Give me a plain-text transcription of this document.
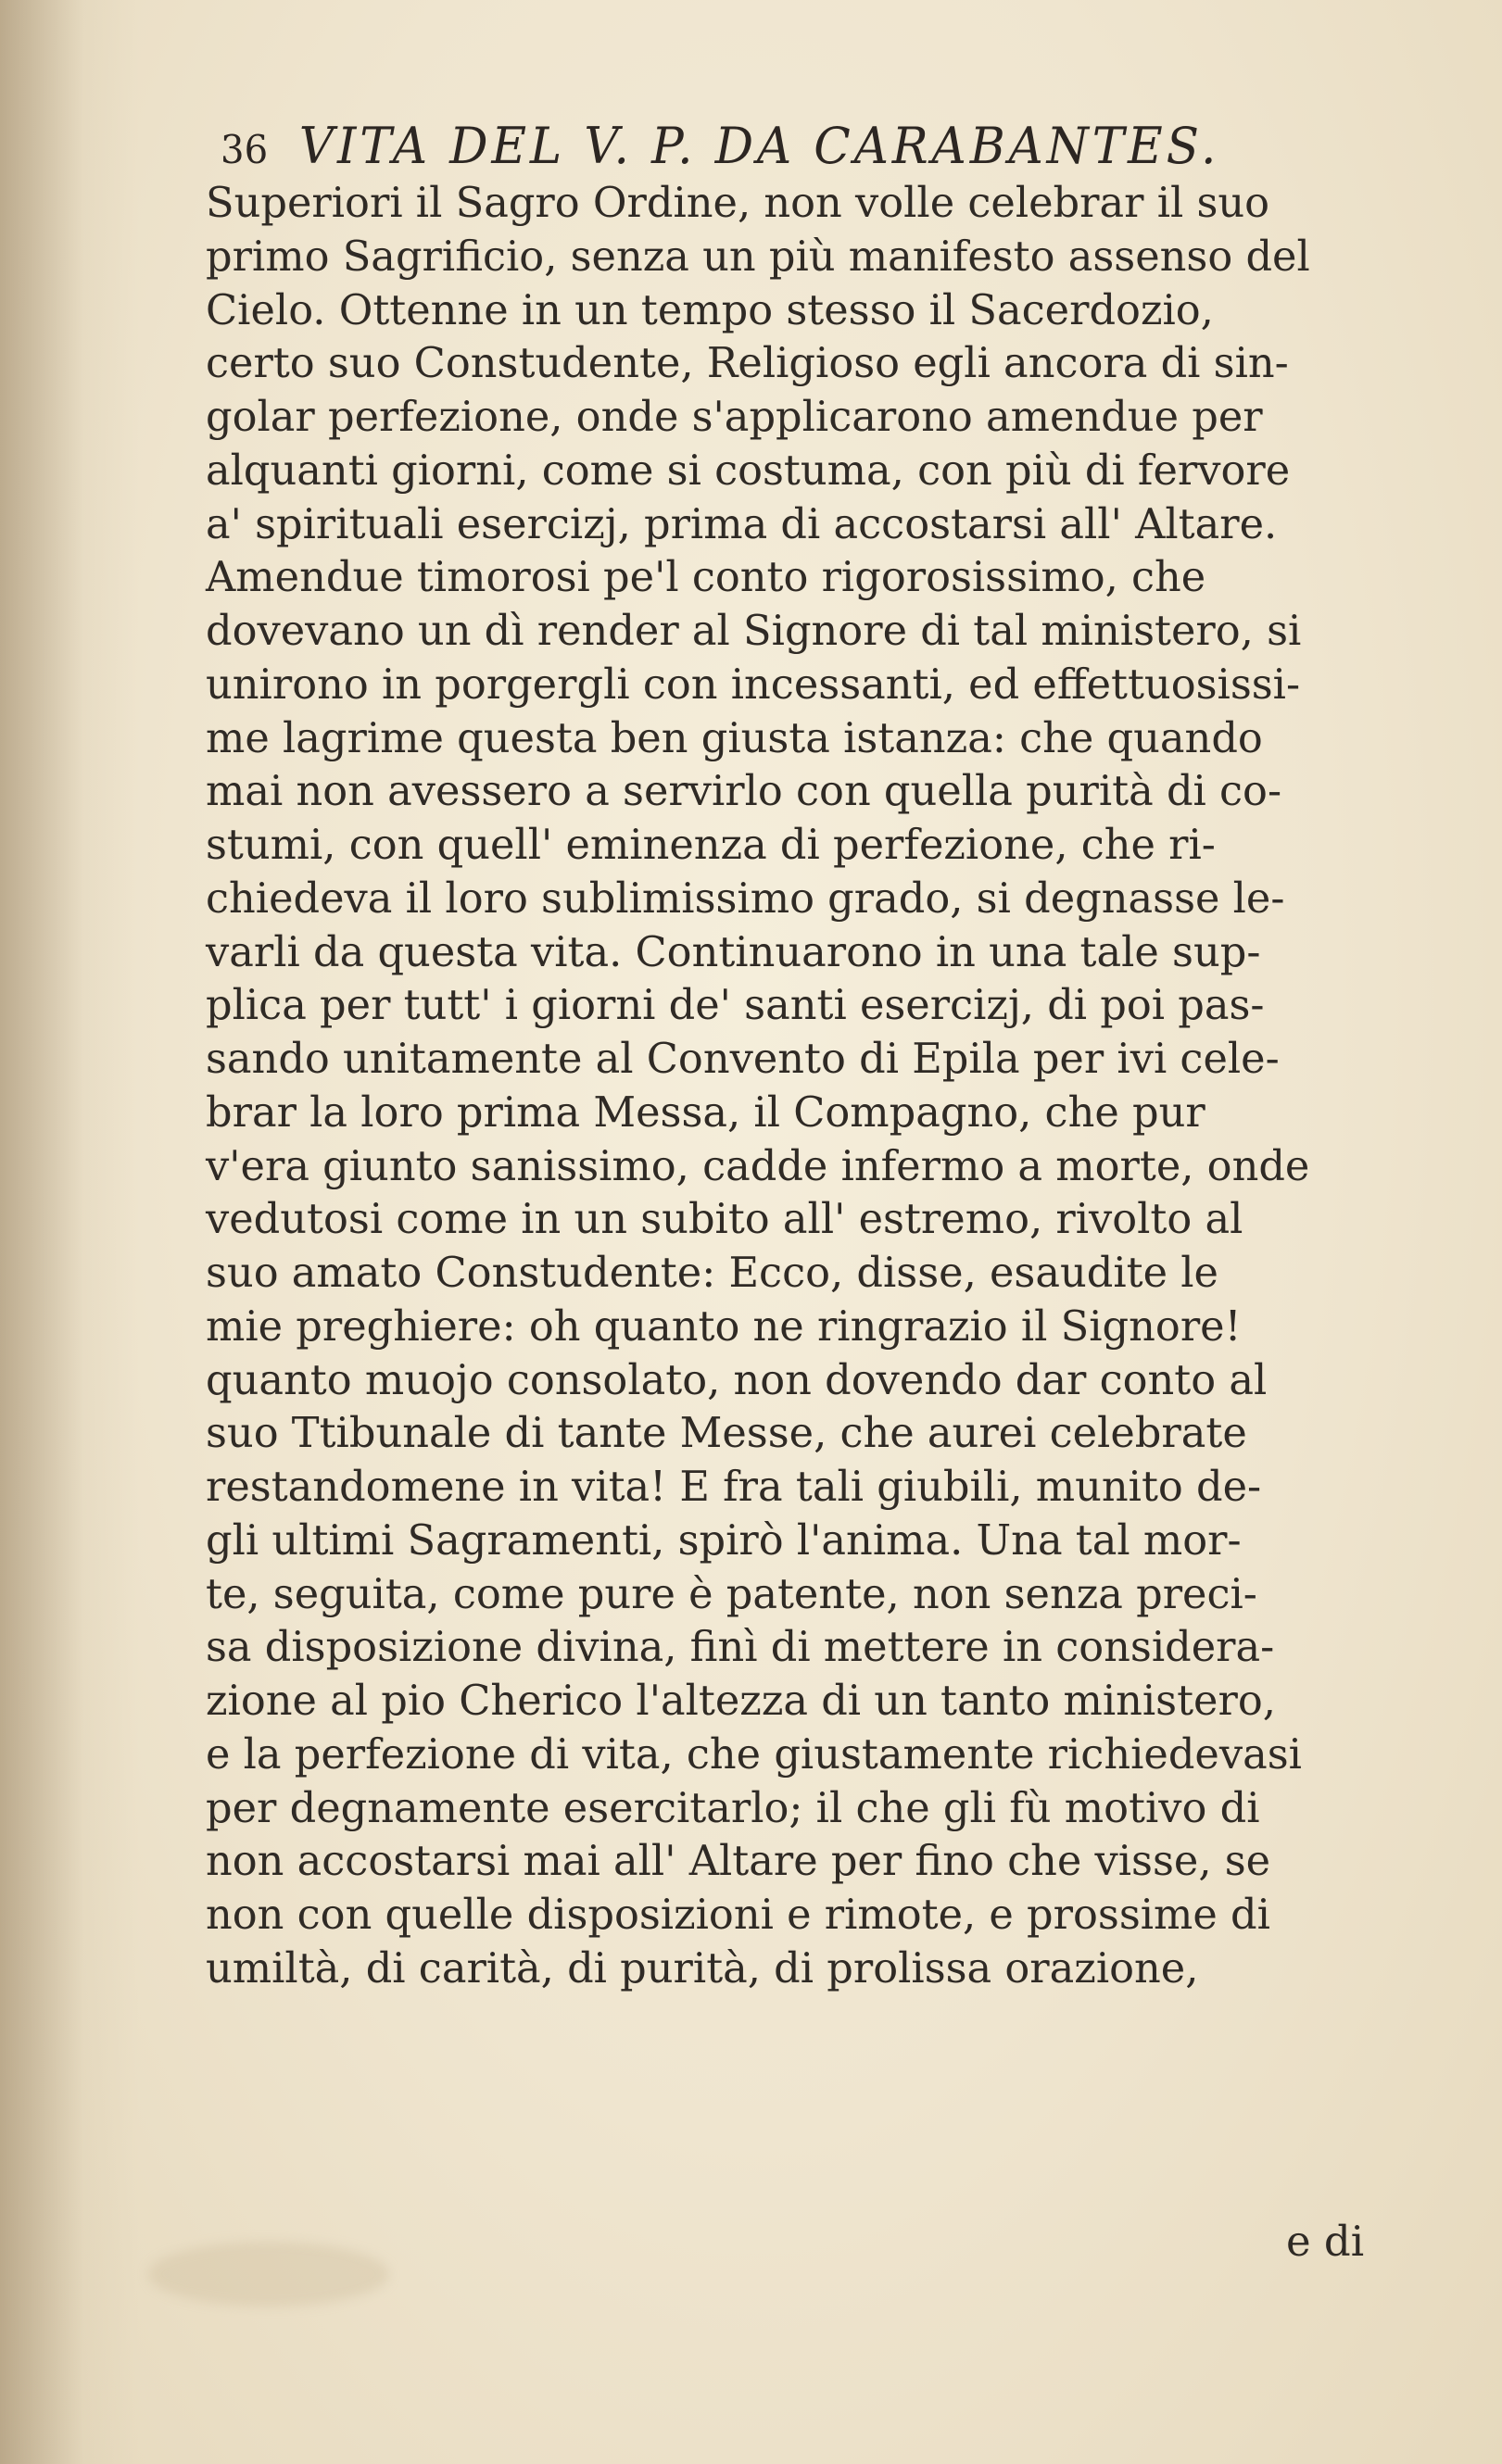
36 VITA DEL V. P. DA CARABANTES.
Superiori il Sagro Ordine, non volle celebrar il suo
primo Sagrificio, senza un più manifesto assenso del
Cielo. Ottenne in un tempo stesso il Sacerdozio,
certo suo Constudente, Religioso egli ancora di sin-
golar perfezione, onde s'applicarono amendue per
alquanti giorni, come si costuma, con più di fervore
a' spirituali esercizj, prima di accostarsi all' Altare.
Amendue timorosi pe'l conto rigorosissimo, che
dovevano un dì render al Signore di tal ministero, si
unirono in porgergli con incessanti, ed effettuosissi-
me lagrime questa ben giusta istanza: che quando
mai non avessero a servirlo con quella purità di co-
stumi, con quell' eminenza di perfezione, che ri-
chiedeva il loro sublimissimo grado, si degnasse le-
varli da questa vita. Continuarono in una tale sup-
plica per tutt' i giorni de' santi esercizj, di poi pas-
sando unitamente al Convento di Epila per ivi cele-
brar la loro prima Messa, il Compagno, che pur
v'era giunto sanissimo, cadde infermo a morte, onde
vedutosi come in un subito all' estremo, rivolto al
suo amato Constudente: Ecco, disse, esaudite le
mie preghiere: oh quanto ne ringrazio il Signore!
quanto muojo consolato, non dovendo dar conto al
suo Ttibunale di tante Messe, che aurei celebrate
restandomene in vita! E fra tali giubili, munito de-
gli ultimi Sagramenti, spirò l'anima. Una tal mor-
te, seguita, come pure è patente, non senza preci-
sa disposizione divina, finì di mettere in considera-
zione al pio Cherico l'altezza di un tanto ministero,
e la perfezione di vita, che giustamente richiedevasi
per degnamente esercitarlo; il che gli fù motivo di
non accostarsi mai all' Altare per fino che visse, se
non con quelle disposizioni e rimote, e prossime di
umiltà, di carità, di purità, di prolissa orazione,
e di
